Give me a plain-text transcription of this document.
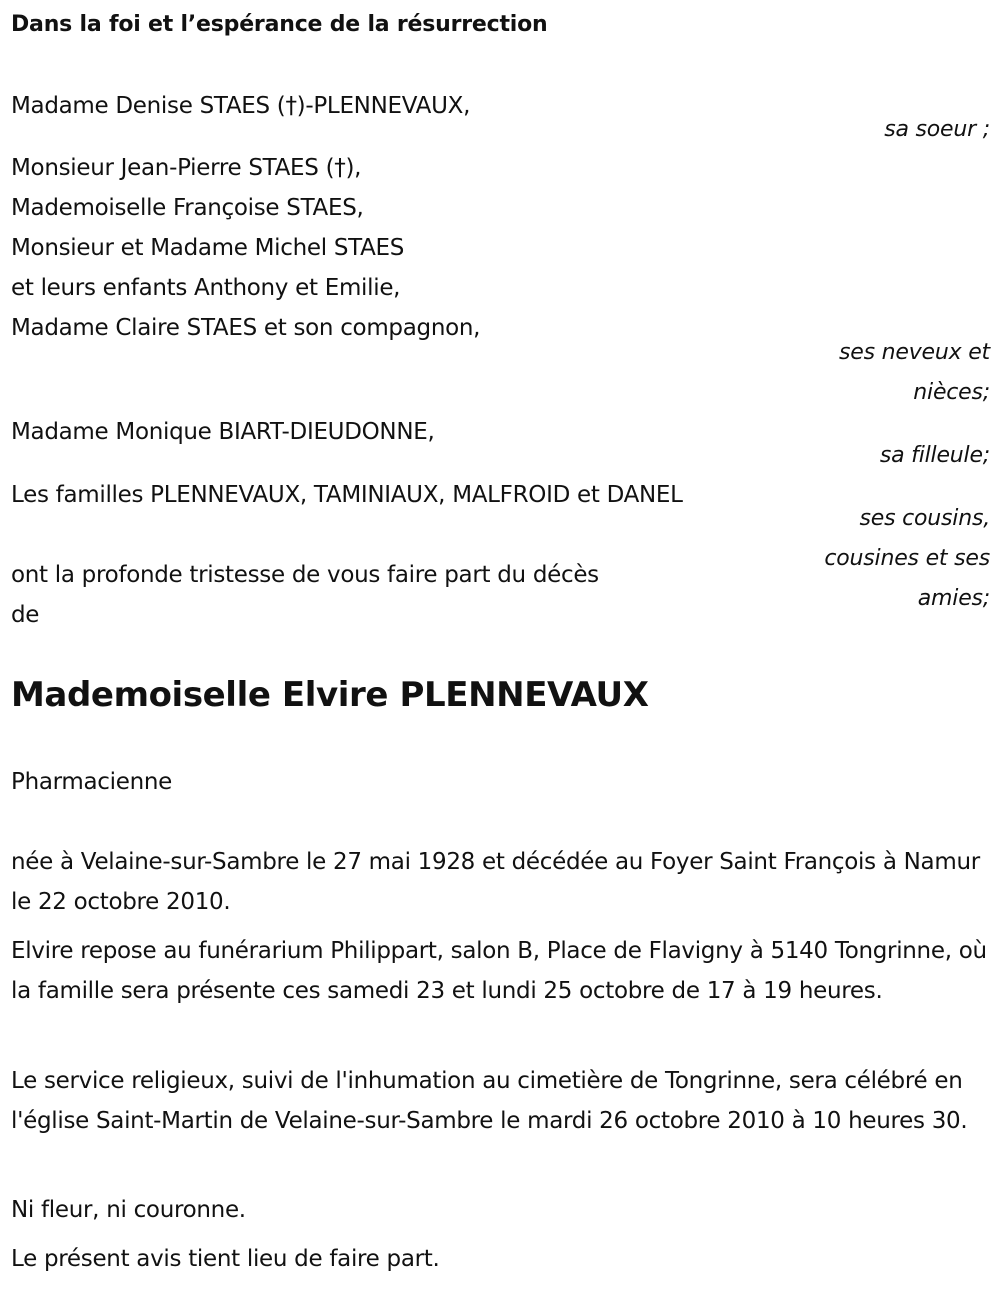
Dans la foi et l’espérance de la résurrection
Madame Denise STAES (†)-PLENNEVAUX,
sa soeur ;
Monsieur Jean-Pierre STAES (†),
Mademoiselle Françoise STAES,
Monsieur et Madame Michel STAES
et leurs enfants Anthony et Emilie,
Madame Claire STAES et son compagnon,
ses neveux et
nièces;
Madame Monique BIART-DIEUDONNE,
sa filleule;
Les familles PLENNEVAUX, TAMINIAUX, MALFROID et DANEL
ses cousins,
cousines et ses
amies;
ont la profonde tristesse de vous faire part du décès
de
Mademoiselle Elvire PLENNEVAUX
Pharmacienne
née à Velaine-sur-Sambre le 27 mai 1928 et décédée au Foyer Saint François à Namur le 22 octobre 2010.
Elvire repose au funérarium Philippart, salon B, Place de Flavigny à 5140 Tongrinne, où la famille sera présente ces samedi 23 et lundi 25 octobre de 17 à 19 heures.
Le service religieux, suivi de l'inhumation au cimetière de Tongrinne, sera célébré en l'église Saint-Martin de Velaine-sur-Sambre le mardi 26 octobre 2010 à 10 heures 30.
Ni fleur, ni couronne.
Le présent avis tient lieu de faire part.
